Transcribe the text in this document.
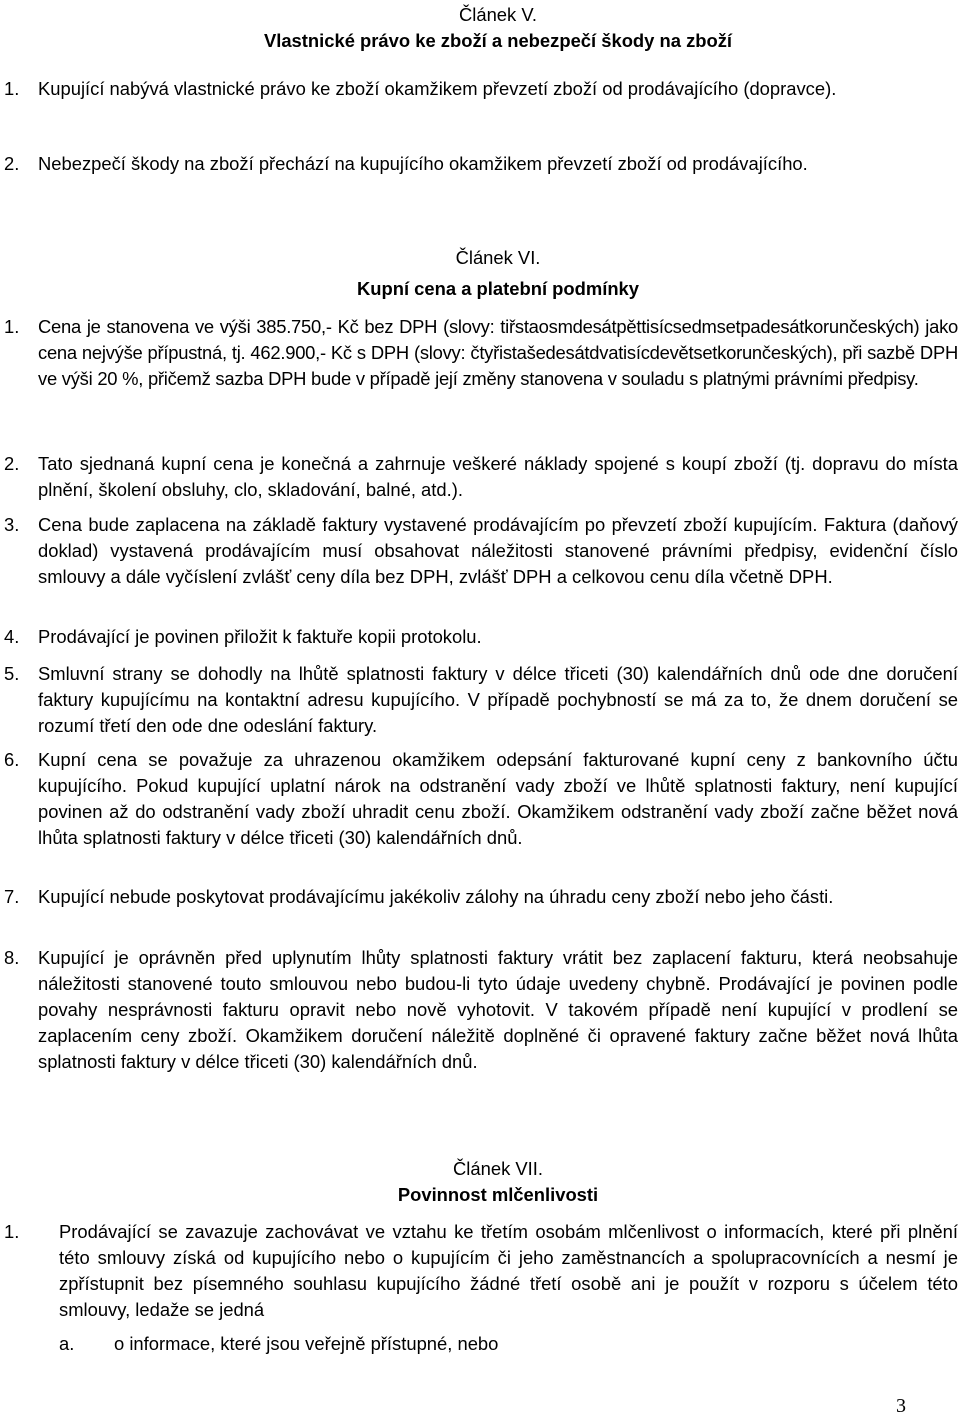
Článek V.

Vlastnické právo ke zboží a nebezpečí škody na zboží

1. Kupující nabývá vlastnické právo ke zboží okamžikem převzetí zboží od prodávajícího (dopravce).
2. Nebezpečí škody na zboží přechází na kupujícího okamžikem převzetí zboží od prodávajícího.

Článek VI.

Kupní cena a platební podmínky

1. Cena je stanovena ve výši 385.750,- Kč bez DPH (slovy: tiřstaosmdesátpěttisícsedmsetpadesátkorunčeských) jako cena nejvýše přípustná, tj. 462.900,- Kč s DPH (slovy: čtyřistašedesátdvatisícdevětsetkorunčeských), při sazbě DPH ve výši 20 %, přičemž sazba DPH bude v případě její změny stanovena v souladu s platnými právními předpisy.
2. Tato sjednaná kupní cena je konečná a zahrnuje veškeré náklady spojené s koupí zboží (tj. dopravu do místa plnění, školení obsluhy, clo, skladování, balné, atd.).
3. Cena bude zaplacena na základě faktury vystavené prodávajícím po převzetí zboží kupujícím. Faktura (daňový doklad) vystavená prodávajícím musí obsahovat náležitosti stanovené právními předpisy, evidenční číslo smlouvy a dále vyčíslení zvlášť ceny díla bez DPH, zvlášť DPH a celkovou cenu díla včetně DPH.
4. Prodávající je povinen přiložit k faktuře kopii protokolu.
5. Smluvní strany se dohodly na lhůtě splatnosti faktury v délce třiceti (30) kalendářních dnů ode dne doručení faktury kupujícímu na kontaktní adresu kupujícího. V případě pochybností se má za to, že dnem doručení se rozumí třetí den ode dne odeslání faktury.
6. Kupní cena se považuje za uhrazenou okamžikem odepsání fakturované kupní ceny z bankovního účtu kupujícího. Pokud kupující uplatní nárok na odstranění vady zboží ve lhůtě splatnosti faktury, není kupující povinen až do odstranění vady zboží uhradit cenu zboží. Okamžikem odstranění vady zboží začne běžet nová lhůta splatnosti faktury v délce třiceti (30) kalendářních dnů.
7. Kupující nebude poskytovat prodávajícímu jakékoliv zálohy na úhradu ceny zboží nebo jeho části.
8. Kupující je oprávněn před uplynutím lhůty splatnosti faktury vrátit bez zaplacení fakturu, která neobsahuje náležitosti stanovené touto smlouvou nebo budou-li tyto údaje uvedeny chybně. Prodávající je povinen podle povahy nesprávnosti fakturu opravit nebo nově vyhotovit. V takovém případě není kupující v prodlení se zaplacením ceny zboží. Okamžikem doručení náležitě doplněné či opravené faktury začne běžet nová lhůta splatnosti faktury v délce třiceti (30) kalendářních dnů.

Článek VII.

Povinnost mlčenlivosti

1. Prodávající se zavazuje zachovávat ve vztahu ke třetím osobám mlčenlivost o informacích, které při plnění této smlouvy získá od kupujícího nebo o kupujícím či jeho zaměstnancích a spolupracovnících a nesmí je zpřístupnit bez písemného souhlasu kupujícího žádné třetí osobě ani je použít v rozporu s účelem této smlouvy, ledaže se jedná
a. o informace, které jsou veřejně přístupné, nebo
3
